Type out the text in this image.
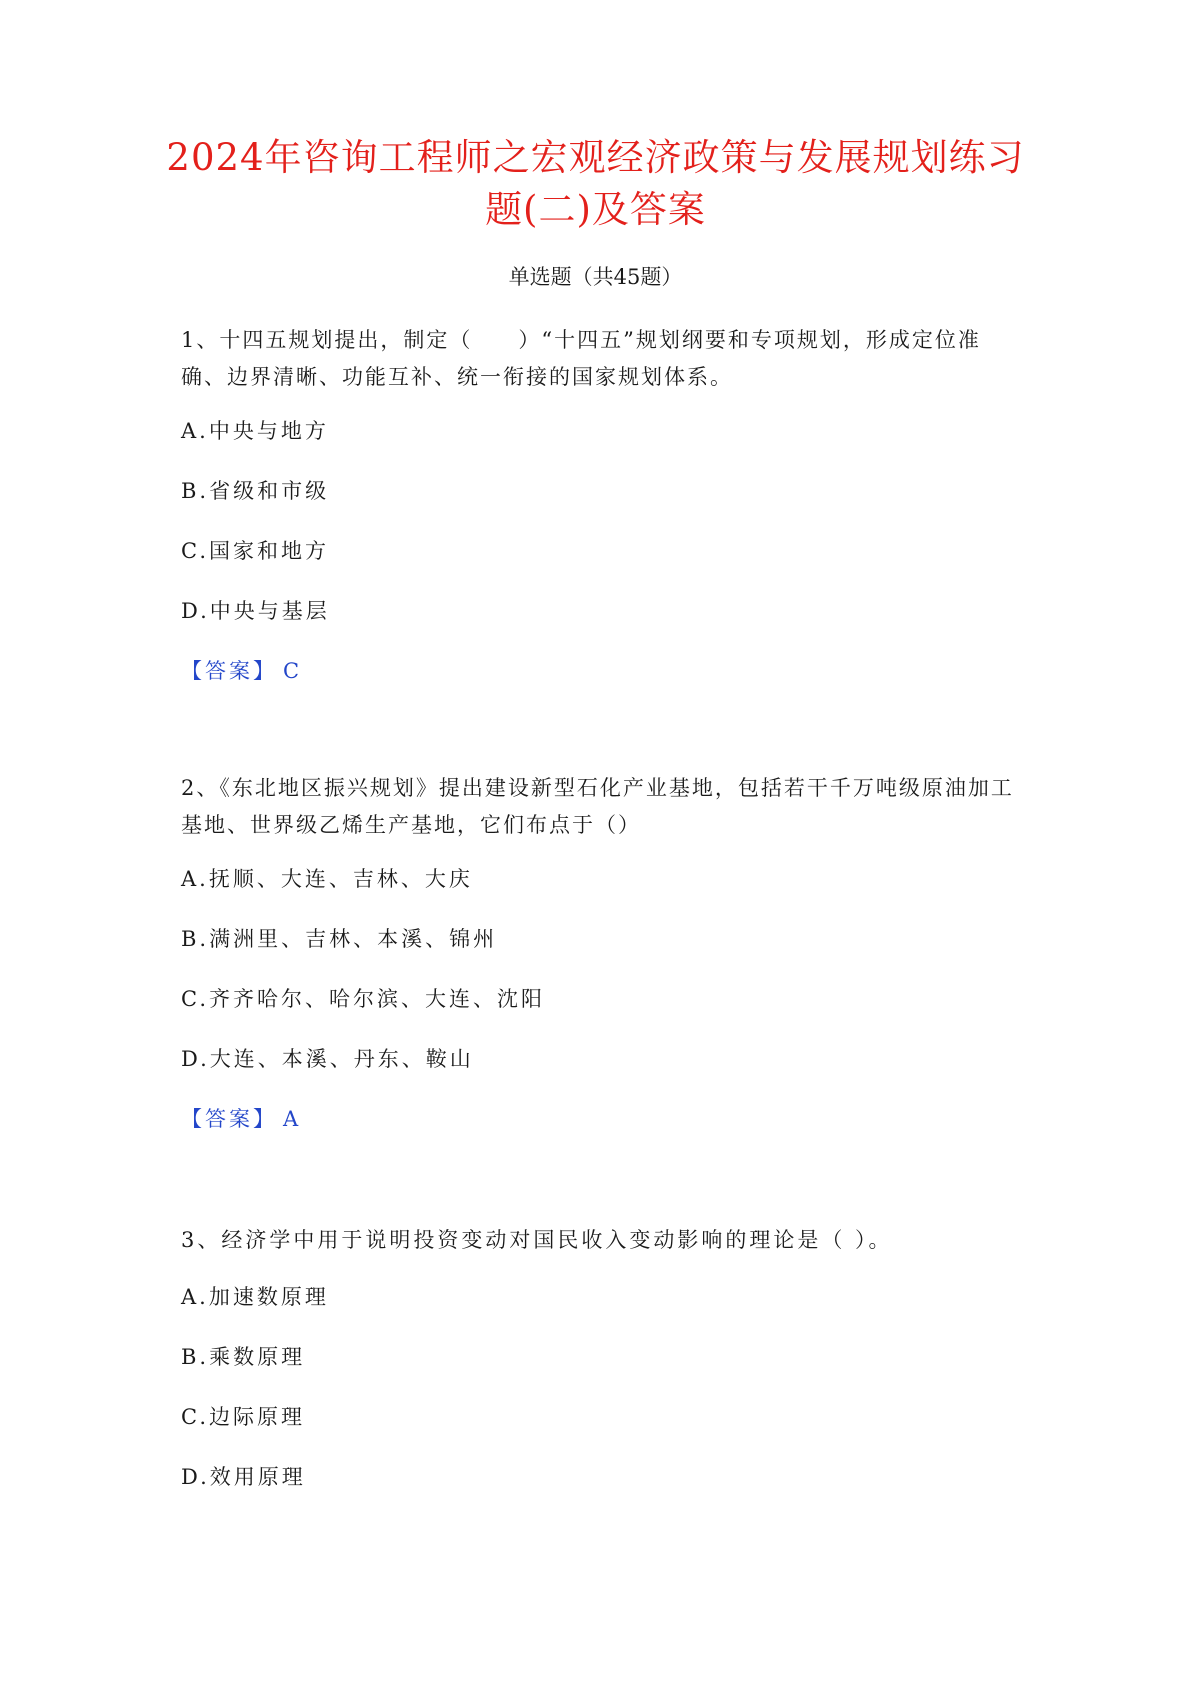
2024年咨询工程师之宏观经济政策与发展规划练习
题(二)及答案
单选题（共45题）
1、十四五规划提出，制定（　　）“十四五”规划纲要和专项规划，形成定位准确、边界清晰、功能互补、统一衔接的国家规划体系。
A.中央与地方
B.省级和市级
C.国家和地方
D.中央与基层
【答案】 C
2、《东北地区振兴规划》提出建设新型石化产业基地，包括若干千万吨级原油加工基地、世界级乙烯生产基地，它们布点于（）
A.抚顺、大连、吉林、大庆
B.满洲里、吉林、本溪、锦州
C.齐齐哈尔、哈尔滨、大连、沈阳
D.大连、本溪、丹东、鞍山
【答案】 A
3、经济学中用于说明投资变动对国民收入变动影响的理论是（ ）。
A.加速数原理
B.乘数原理
C.边际原理
D.效用原理
